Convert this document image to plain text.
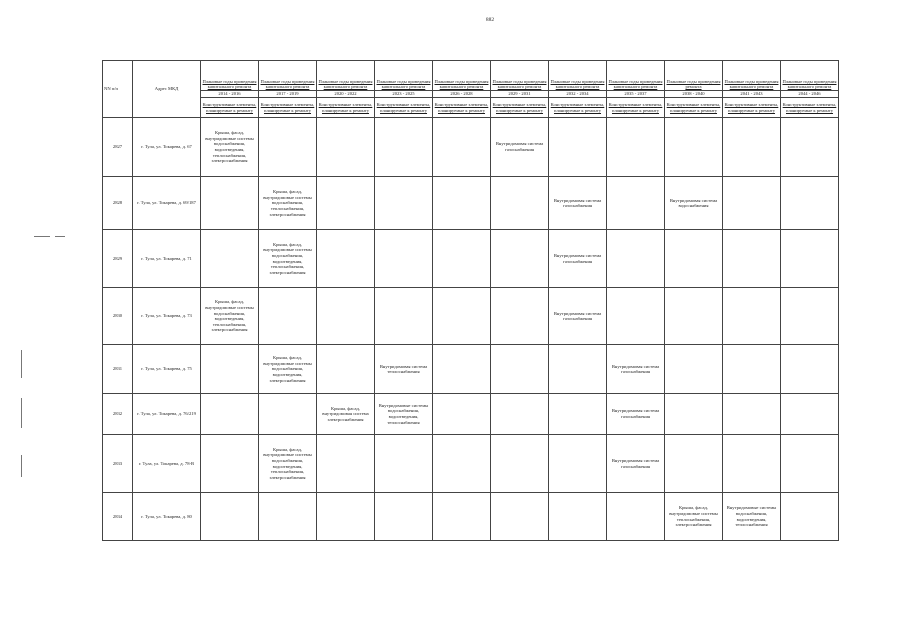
882
NN п/п	Адрес МКД	Плановые годы проведения капитального ремонта	Плановые годы проведения капитального ремонта	Плановые годы проведения капитального ремонта	Плановые годы проведения капитального ремонта	Плановые годы проведения капитального ремонта	Плановые годы проведения капитального ремонта	Плановые годы проведения капитального ремонта	Плановые годы проведения капитального ремонта	Плановые годы проведения ремонта	Плановые годы проведения капитального ремонта	Плановые годы проведения капитального ремонта
		2014 - 2016	2017 - 2019	2020 - 2022	2023 - 2025	2026 - 2028	2029 - 2031	2032 - 2034	2035 - 2037	2038 - 2040	2041 - 2043	2044 - 2046
		Конструктивные элементы, планируемые к ремонту	Конструктивные элементы, планируемые к ремонту	Конструктивные элементы, планируемые к ремонту	Конструктивные элементы, планируемые к ремонту	Конструктивные элементы, планируемые к ремонту	Конструктивные элементы, планируемые к ремонту	Конструктивные элементы, планируемые к ремонту	Конструктивные элементы, планируемые к ремонту	Конструктивные элементы, планируемые к ремонту	Конструктивные элементы, планируемые к ремонту	Конструктивные элементы, планируемые к ремонту
2827	г. Тула, ул. Токарева, д. 67	Крыша, фасад, внутридомовые системы водоснабжения, водоотведения, теплоснабжения, электроснабжения					Внутридомовая система газоснабжения					
2828	г. Тула, ул. Токарева, д. 69/187		Крыша, фасад, внутридомовые системы водоснабжения, теплоснабжения, электроснабжения					Внутридомовая система газоснабжения		Внутридомовая система водоснабжения		
2829	г. Тула, ул. Токарева, д. 71		Крыша, фасад, внутридомовые системы водоснабжения, водоотведения, теплоснабжения, электроснабжения					Внутридомовая система газоснабжения				
2830	г. Тула, ул. Токарева, д. 73	Крыша, фасад, внутридомовые системы водоснабжения, водоотведения, теплоснабжения, электроснабжения						Внутридомовая система газоснабжения				
2831	г. Тула, ул. Токарева, д. 75		Крыша, фасад, внутридомовые системы водоснабжения, водоотведения, электроснабжения		Внутридомовая система теплоснабжения				Внутридомовая система газоснабжения			
2832	г. Тула, ул. Токарева, д. 76/219			Крыша, фасад, внутридомовая система электроснабжения	Внутридомовые системы водоснабжения, водоотведения, теплоснабжения				Внутридомовая система газоснабжения			
2833	г. Тула, ул. Токарева, д. 78-В		Крыша, фасад, внутридомовые системы водоснабжения, водоотведения, теплоснабжения, электроснабжения						Внутридомовая система газоснабжения			
2834	г. Тула, ул. Токарева, д. 80									Крыша, фасад, внутридомовые системы теплоснабжения, электроснабжения	Внутридомовые системы водоснабжения, водоотведения, теплоснабжения	
